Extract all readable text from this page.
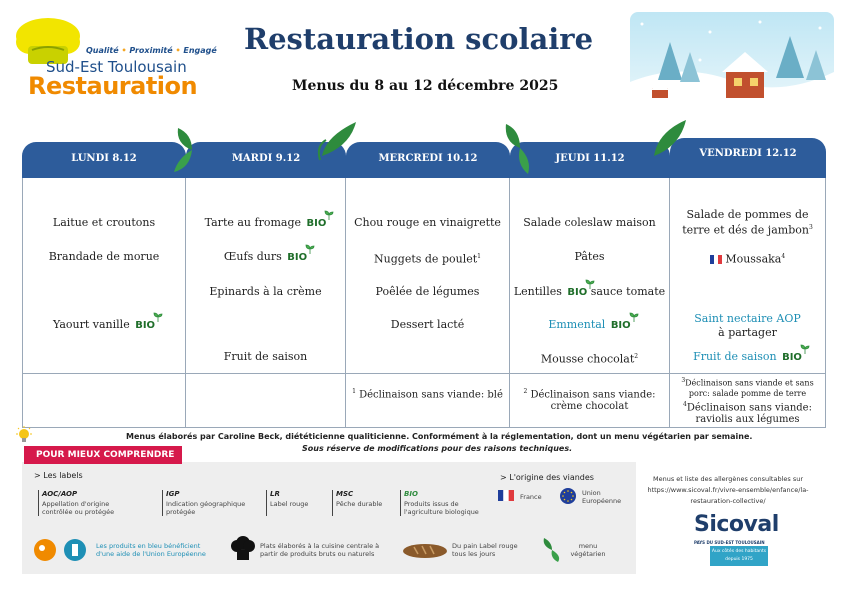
Qualité • Proximité • Engagé
Sud-Est Toulousain
Restauration
Restauration scolaire
Menus du 8 au 12 décembre 2025
LUNDI 8.12
Laitue et croutons
Brandade de morue
Yaourt vanille BIO
MARDI 9.12
Tarte au fromage BIO
Œufs durs BIO
Epinards à la crème
Fruit de saison
MERCREDI 10.12
Chou rouge en vinaigrette
Nuggets de poulet$^1$
Poêlée de légumes
Dessert lacté
$^1$ Déclinaison sans viande: blé
JEUDI 11.12
Salade coleslaw maison
Pâtes
Lentilles BIO sauce tomate
Emmental BIO
Mousse chocolat$^2$
$^2$ Déclinaison sans viande: crème chocolat
VENDREDI 12.12
Salade de pommes de terre et dés de jambon$^3$
Moussaka$^4$
Saint nectaire AOP
à partager
Fruit de saison BIO
$^3$Déclinaison sans viande et sans porc: salade pomme de terre
$^4$Déclinaison sans viande: raviolis aux légumes
Menus élaborés par Caroline Beck, diététicienne qualiticienne. Conformément à la réglementation, dont un menu végétarien par semaine.
Sous réserve de modifications pour des raisons techniques.
> Les labels	> L'origine des viandes
AOC/AOP
Appellation d'origine contrôlée ou protégée
IGP
Indication géographique protégée
LR
Label rouge
MSC
Pêche durable
BIO
Produits issus de l'agriculture biologique
France	Union Européenne
Les produits en bleu bénéficient d'une aide de l'Union Européenne
Plats élaborés à la cuisine centrale à partir de produits bruts ou naturels
Du pain Label rouge tous les jours
menu végétarien
POUR MIEUX COMPRENDRE
Menus et liste des allergènes consultables sur https://www.sicoval.fr/vivre-ensemble/enfance/la-restauration-collective/
Sicoval
PAYS DU SUD-EST TOULOUSAIN
Aux côtés des habitants depuis 1975
